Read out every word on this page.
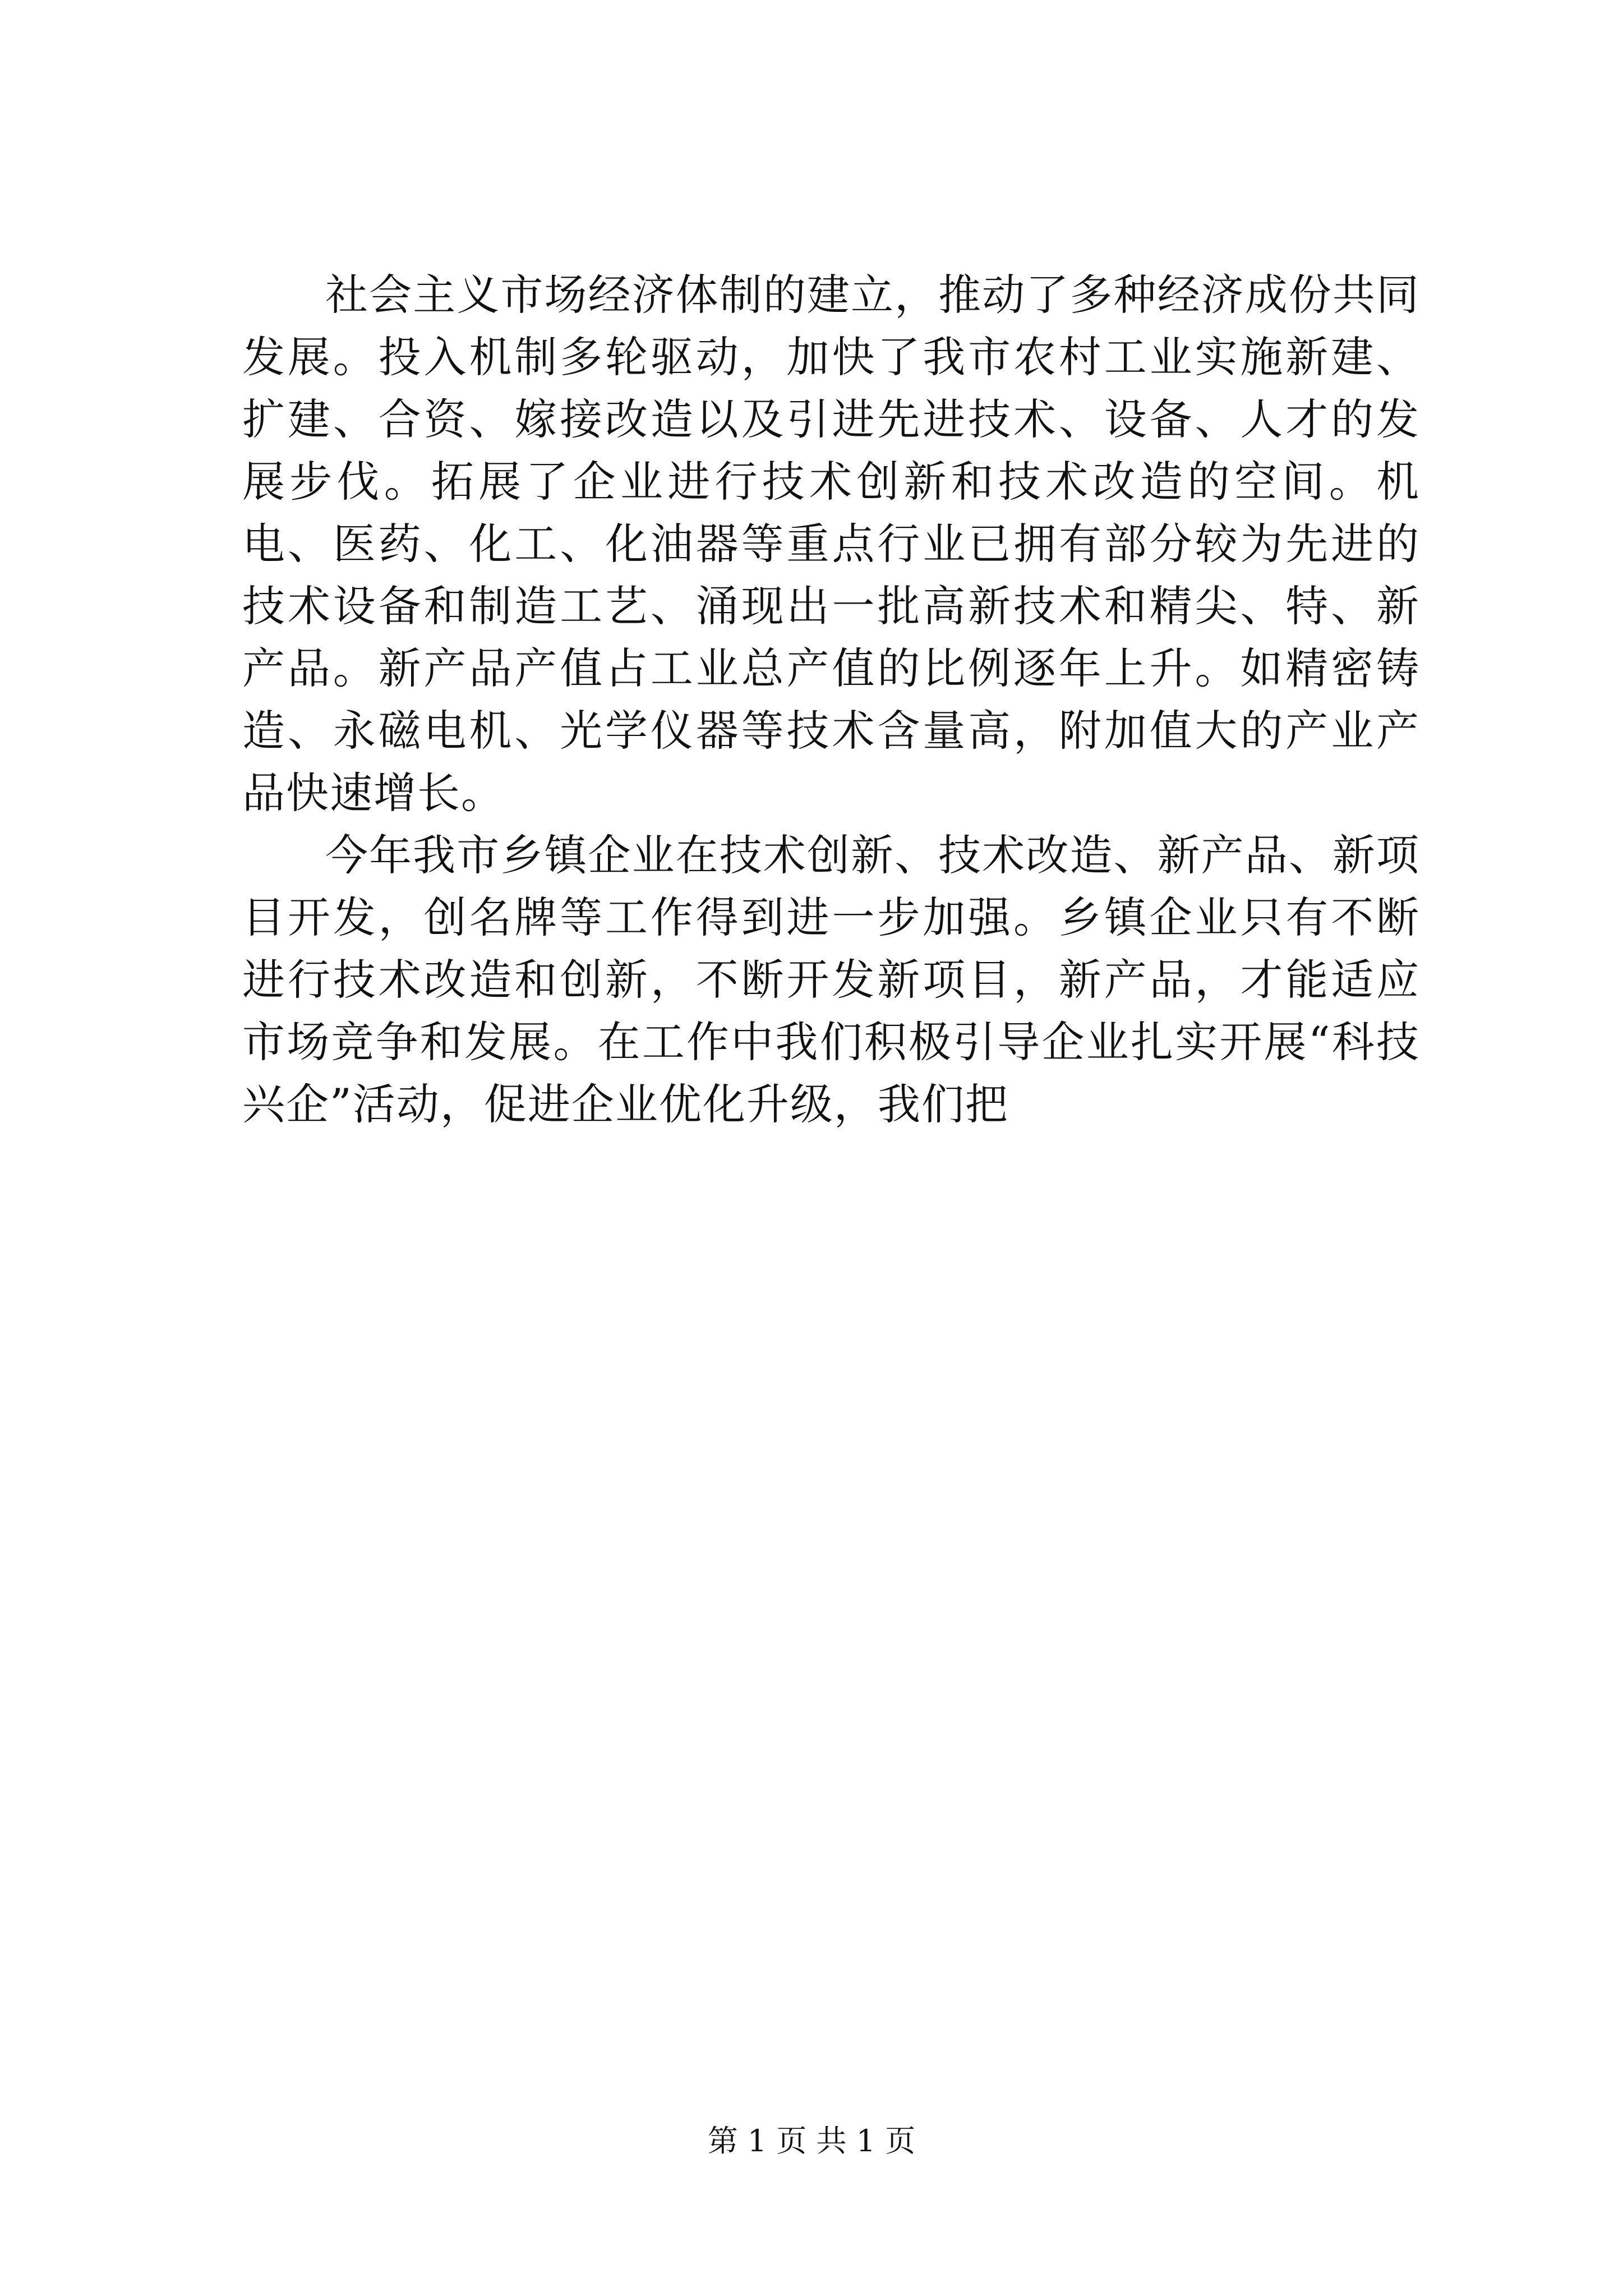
社会主义市场经济体制的建立，推动了多种经济成份共同发展。投入机制多轮驱动，加快了我市农村工业实施新建、扩建、合资、嫁接改造以及引进先进技术、设备、人才的发展步伐。拓展了企业进行技术创新和技术改造的空间。机电、医药、化工、化油器等重点行业已拥有部分较为先进的技术设备和制造工艺、涌现出一批高新技术和精尖、特、新产品。新产品产值占工业总产值的比例逐年上升。如精密铸造、永磁电机、光学仪器等技术含量高，附加值大的产业产品快速增长。

今年我市乡镇企业在技术创新、技术改造、新产品、新项目开发，创名牌等工作得到进一步加强。乡镇企业只有不断进行技术改造和创新，不断开发新项目，新产品，才能适应市场竞争和发展。在工作中我们积极引导企业扎实开展“科技兴企”活动，促进企业优化升级，我们把

第 1 页 共 1 页
